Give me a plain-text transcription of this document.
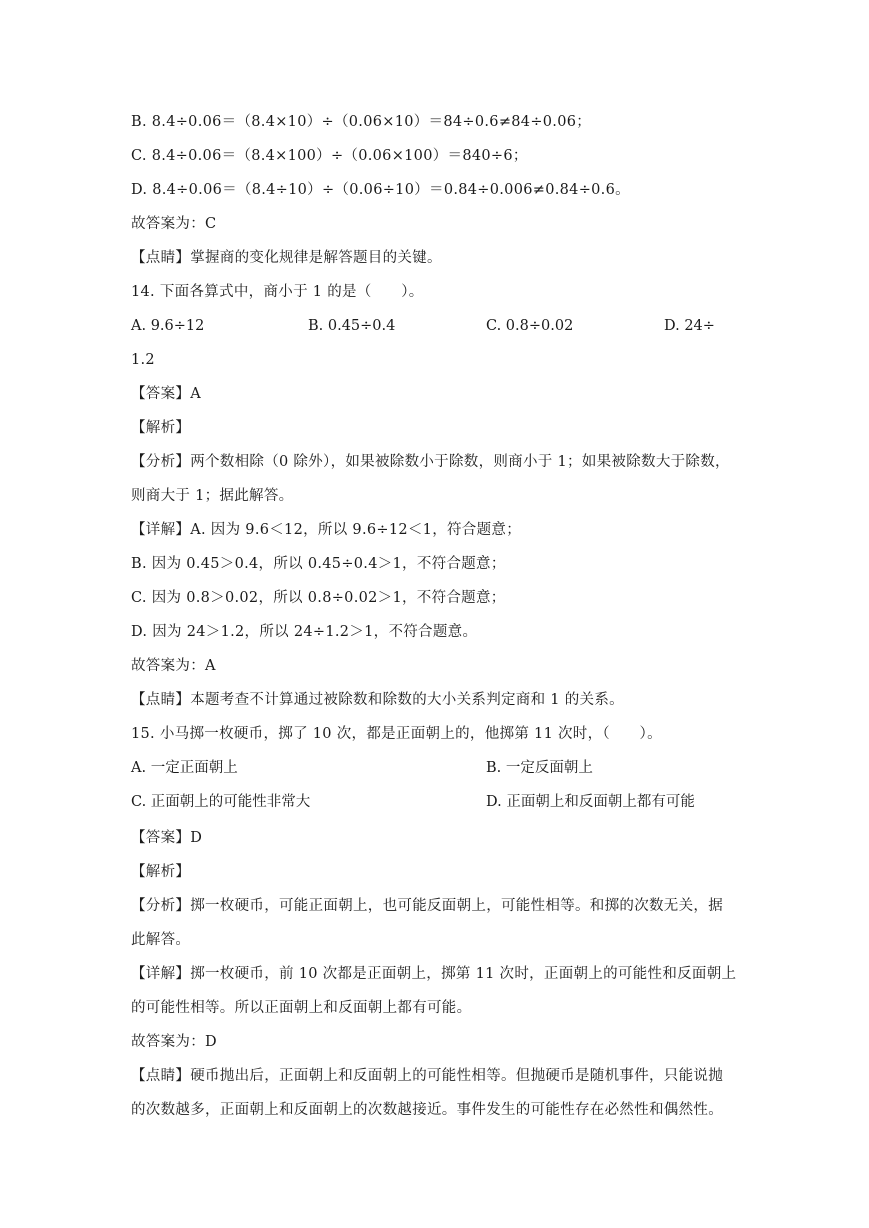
B. 8.4÷0.06＝（8.4×10）÷（0.06×10）＝84÷0.6≠84÷0.06；
C. 8.4÷0.06＝（8.4×100）÷（0.06×100）＝840÷6；
D. 8.4÷0.06＝（8.4÷10）÷（0.06÷10）＝0.84÷0.006≠0.84÷0.6。
故答案为：C
【点睛】掌握商的变化规律是解答题目的关键。
14. 下面各算式中，商小于 1 的是（　　）。
A. 9.6÷12	B. 0.45÷0.4	C. 0.8÷0.02	D. 24÷
1.2
【答案】A
【解析】
【分析】两个数相除（0 除外），如果被除数小于除数，则商小于 1；如果被除数大于除数，
则商大于 1；据此解答。
【详解】A. 因为 9.6＜12，所以 9.6÷12＜1，符合题意；
B. 因为 0.45＞0.4，所以 0.45÷0.4＞1，不符合题意；
C. 因为 0.8＞0.02，所以 0.8÷0.02＞1，不符合题意；
D. 因为 24＞1.2，所以 24÷1.2＞1，不符合题意。
故答案为：A
【点睛】本题考查不计算通过被除数和除数的大小关系判定商和 1 的关系。
15. 小马掷一枚硬币，掷了 10 次，都是正面朝上的，他掷第 11 次时，（　　）。
A. 一定正面朝上	B. 一定反面朝上
C. 正面朝上的可能性非常大	D. 正面朝上和反面朝上都有可能
【答案】D
【解析】
【分析】掷一枚硬币，可能正面朝上，也可能反面朝上，可能性相等。和掷的次数无关，据
此解答。
【详解】掷一枚硬币，前 10 次都是正面朝上，掷第 11 次时，正面朝上的可能性和反面朝上
的可能性相等。所以正面朝上和反面朝上都有可能。
故答案为：D
【点睛】硬币抛出后，正面朝上和反面朝上的可能性相等。但抛硬币是随机事件，只能说抛
的次数越多，正面朝上和反面朝上的次数越接近。事件发生的可能性存在必然性和偶然性。
